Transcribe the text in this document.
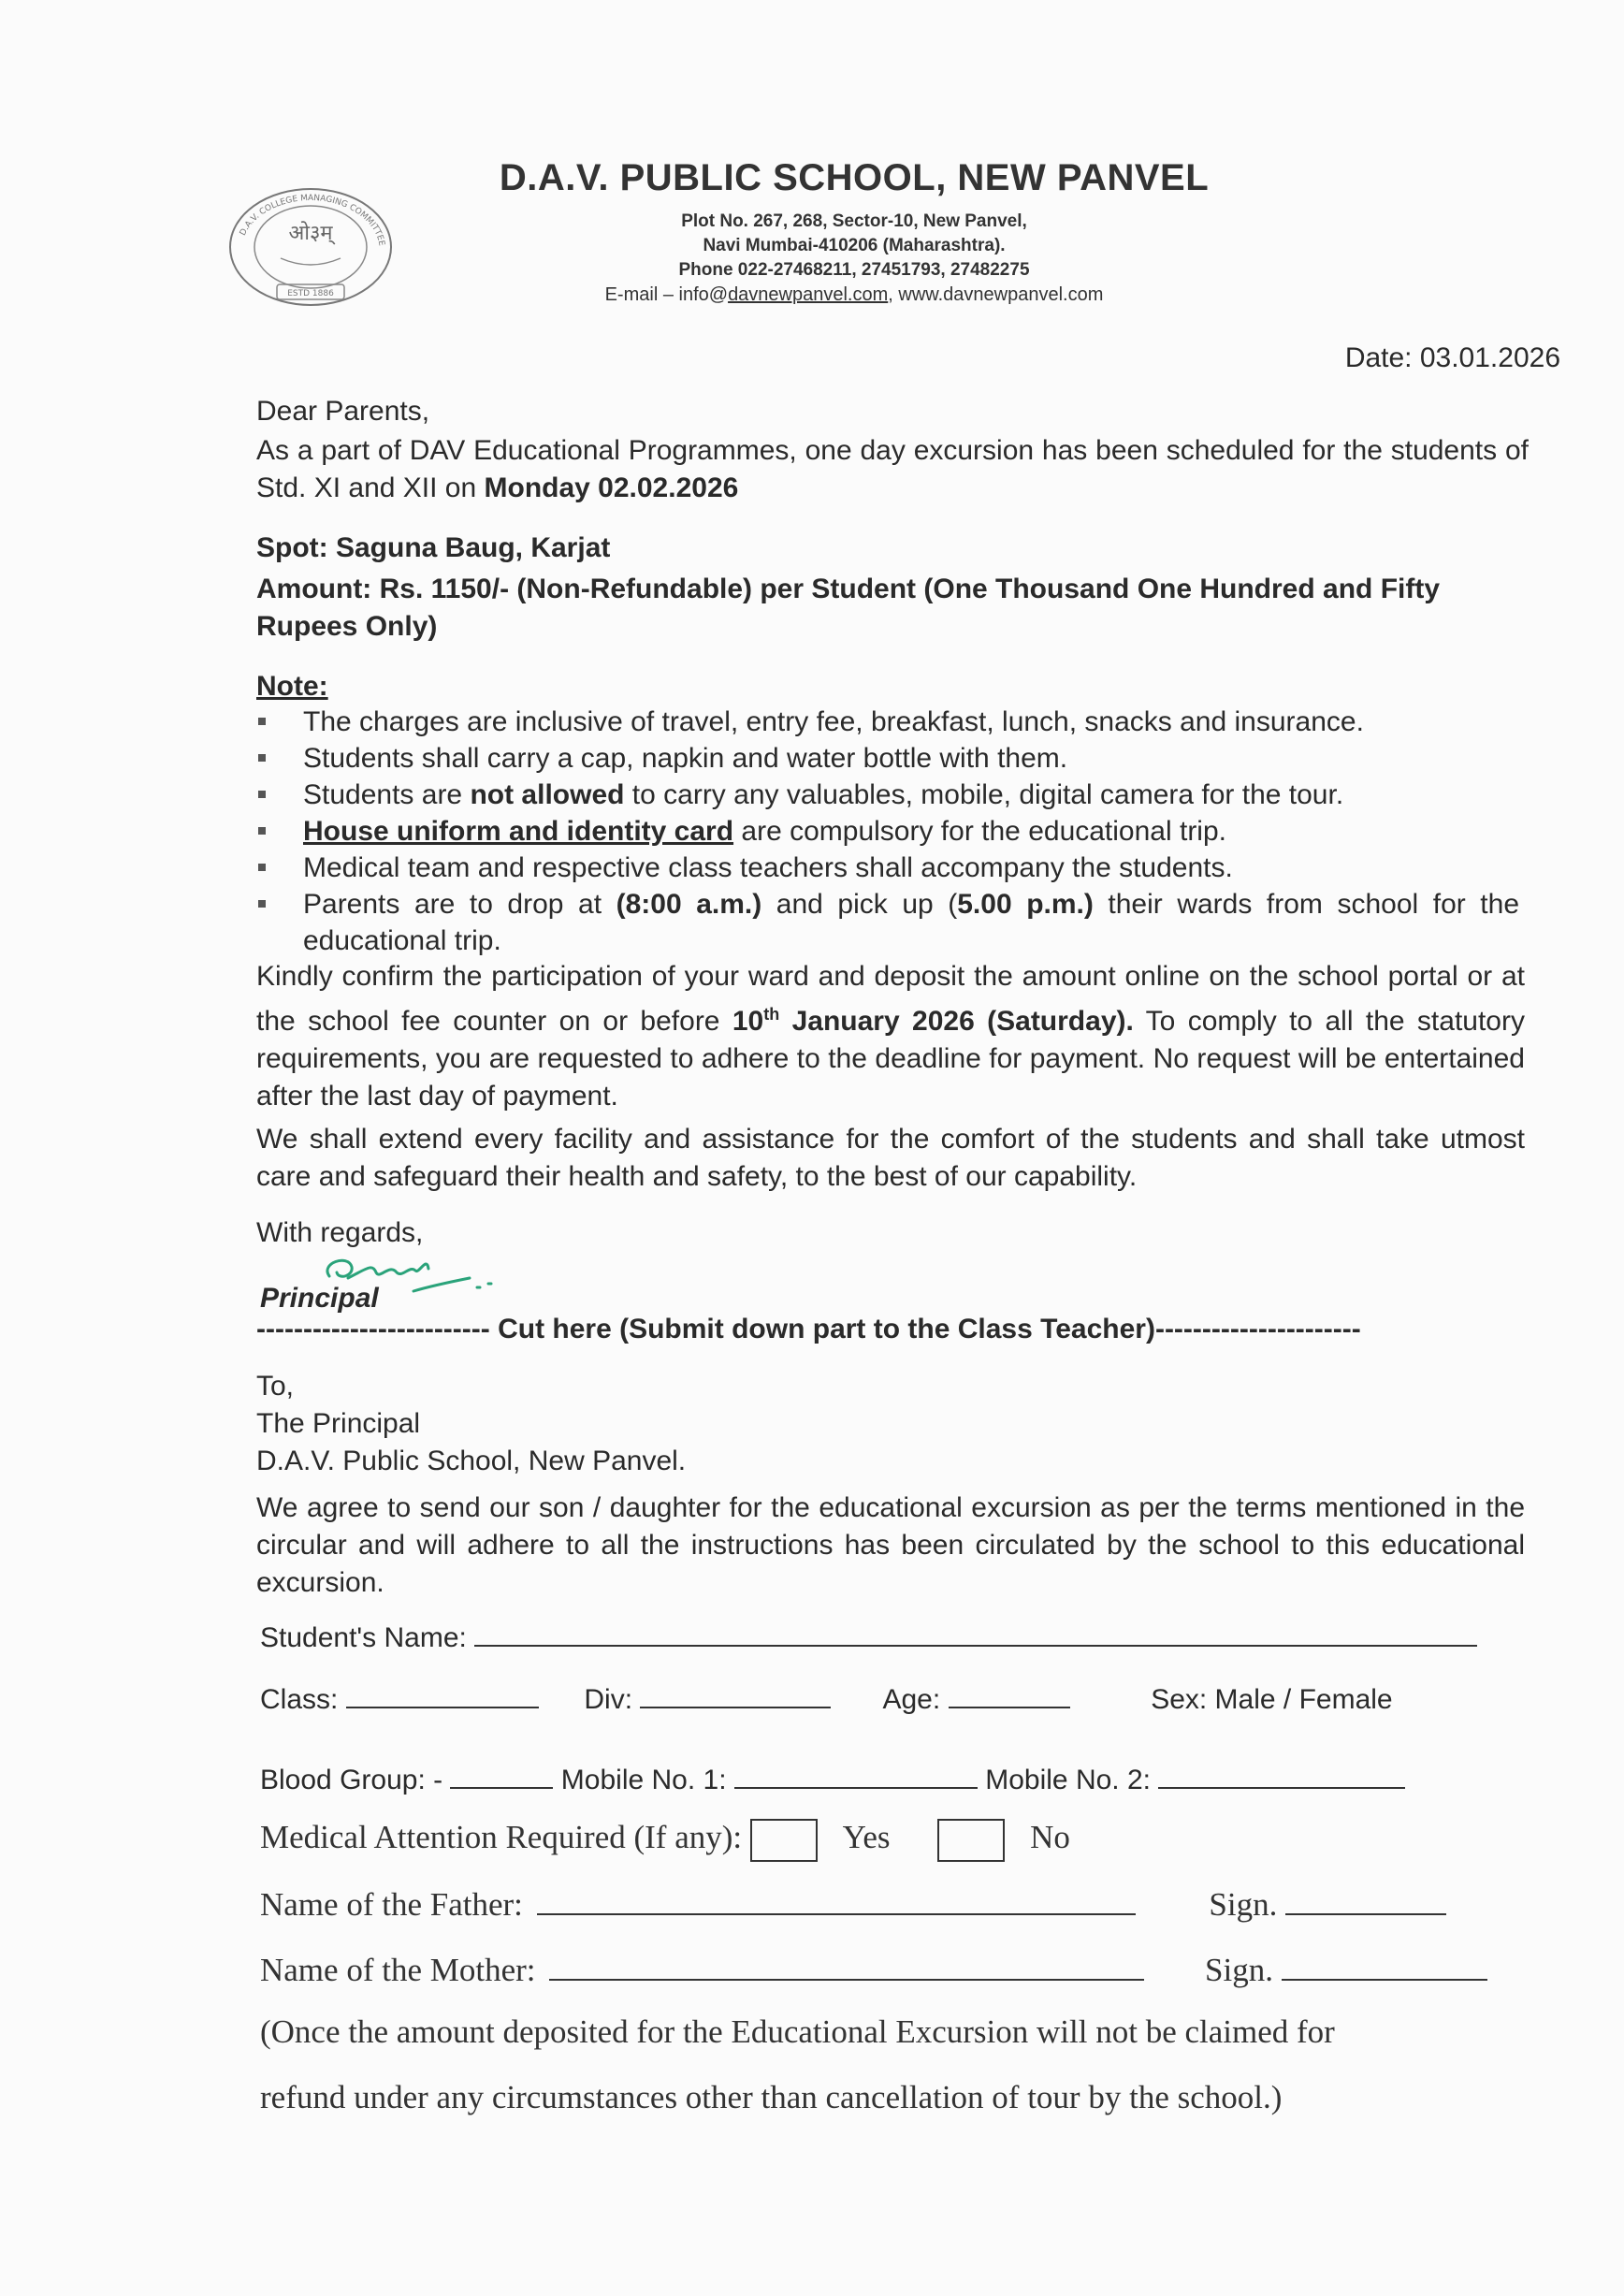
D.A.V. COLLEGE MANAGING COMMITTEE
ओ३म्
ESTD 1886
D.A.V. PUBLIC SCHOOL, NEW PANVEL
Plot No. 267, 268, Sector-10, New Panvel,
Navi Mumbai-410206 (Maharashtra).
Phone 022-27468211, 27451793, 27482275
E-mail – info@davnewpanvel.com, www.davnewpanvel.com
Date: 03.01.2026
Dear Parents,
As a part of DAV Educational Programmes, one day excursion has been scheduled for the students of Std. XI and XII on Monday 02.02.2026
Spot: Saguna Baug, Karjat
Amount: Rs. 1150/- (Non-Refundable) per Student (One Thousand One Hundred and Fifty Rupees Only)
Note:
The charges are inclusive of travel, entry fee, breakfast, lunch, snacks and insurance.
Students shall carry a cap, napkin and water bottle with them.
Students are not allowed to carry any valuables, mobile, digital camera for the tour.
House uniform and identity card are compulsory for the educational trip.
Medical team and respective class teachers shall accompany the students.
Parents are to drop at (8:00 a.m.) and pick up (5.00 p.m.) their wards from school for the educational trip.
Kindly confirm the participation of your ward and deposit the amount online on the school portal or at the school fee counter on or before 10th January 2026 (Saturday). To comply to all the statutory requirements, you are requested to adhere to the deadline for payment. No request will be entertained after the last day of payment.
We shall extend every facility and assistance for the comfort of the students and shall take utmost care and safeguard their health and safety, to the best of our capability.
With regards,
Principal
------------------------- Cut here (Submit down part to the Class Teacher)----------------------
To,
The Principal
D.A.V. Public School, New Panvel.
We agree to send our son / daughter for the educational excursion as per the terms mentioned in the circular and will adhere to all the instructions has been circulated by the school to this educational excursion.
Student's Name:
Class:	Div:	Age:	Sex: Male / Female
Blood Group: -	Mobile No. 1:	Mobile No. 2:
Medical Attention Required (If any):	Yes	No
Name of the Father:	Sign.
Name of the Mother:	Sign.
(Once the amount deposited for the Educational Excursion will not be claimed for
refund under any circumstances other than cancellation of tour by the school.)
